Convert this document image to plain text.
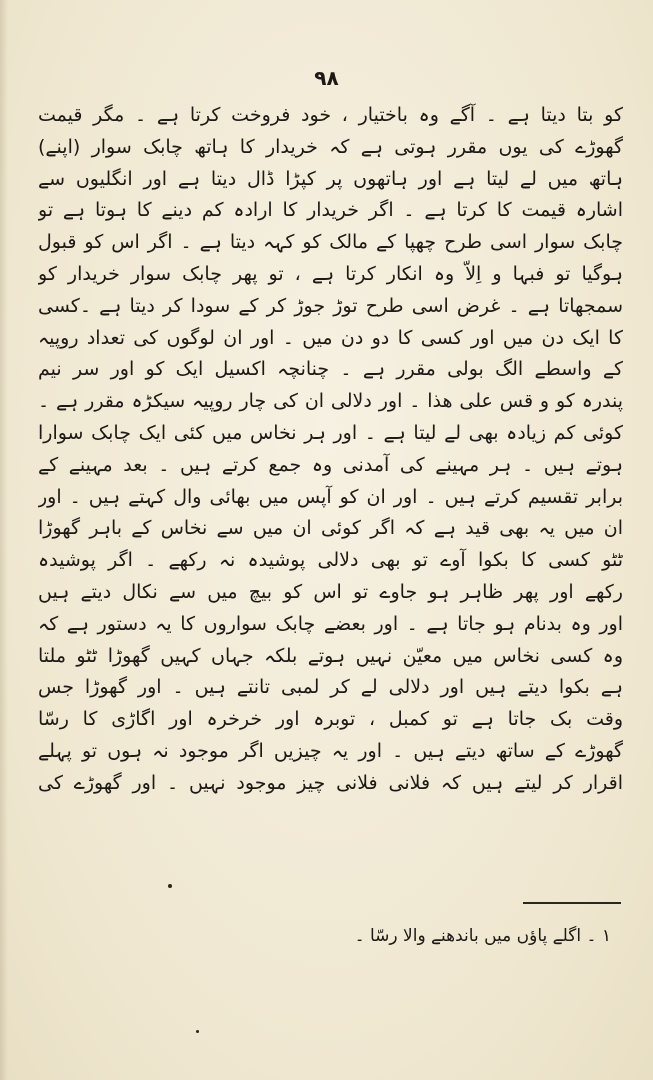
۹۸
کو بتا دیتا ہے ۔ آگے وہ باختیار ، خود فروخت کرتا ہے ۔ مگر قیمت
گھوڑے کی یوں مقرر ہوتی ہے کہ خریدار کا ہاتھ چابک سوار (اپنے)
ہاتھ میں لے لیتا ہے اور ہاتھوں پر کپڑا ڈال دیتا ہے اور انگلیوں سے
اشارہ قیمت کا کرتا ہے ۔ اگر خریدار کا ارادہ کم دینے کا ہوتا ہے تو
چابک سوار اسی طرح چھپا کے مالک کو کہہ دیتا ہے ۔ اگر اس کو قبول
ہوگیا تو فبہا و اِلاّ وہ انکار کرتا ہے ، تو پھر چابک سوار خریدار کو
سمجھاتا ہے ۔ غرض اسی طرح توڑ جوڑ کر کے سودا کر دیتا ہے ۔کسی
کا ایک دن میں اور کسی کا دو دن میں ۔ اور ان لوگوں کی تعداد روپیہ
کے واسطے الگ بولی مقرر ہے ۔ چنانچہ اکسیل ایک کو اور سر نیم
پندرہ کو و قس علی ھذا ۔ اور دلالی ان کی چار روپیہ سیکڑہ مقرر ہے ۔
کوئی کم زیادہ بھی لے لیتا ہے ۔ اور ہر نخاس میں کئی ایک چابک سوارا
ہوتے ہیں ۔ ہر مہینے کی آمدنی وہ جمع کرتے ہیں ۔ بعد مہینے کے
برابر تقسیم کرتے ہیں ۔ اور ان کو آپس میں بھائی وال کہتے ہیں ۔ اور
ان میں یہ بھی قید ہے کہ اگر کوئی ان میں سے نخاس کے باہر گھوڑا
ٹٹو کسی کا بکوا آوے تو بھی دلالی پوشیدہ نہ رکھے ۔ اگر پوشیدہ
رکھے اور پھر ظاہر ہو جاوے تو اس کو بیچ میں سے نکال دیتے ہیں
اور وہ بدنام ہو جاتا ہے ۔ اور بعضے چابک سواروں کا یہ دستور ہے کہ
وہ کسی نخاس میں معیّن نہیں ہوتے بلکہ جہاں کہیں گھوڑا ٹٹو ملتا
ہے بکوا دیتے ہیں اور دلالی لے کر لمبی تانتے ہیں ۔ اور گھوڑا جس
وقت بک جاتا ہے تو کمبل ، توبرہ اور خرخرہ اور اگاڑی کا رسّا
گھوڑے کے ساتھ دیتے ہیں ۔ اور یہ چیزیں اگر موجود نہ ہوں تو پہلے
اقرار کر لیتے ہیں کہ فلانی فلانی چیز موجود نہیں ۔ اور گھوڑے کی
۱ ۔ اگلے پاؤں میں باندھنے والا رسّا ۔
